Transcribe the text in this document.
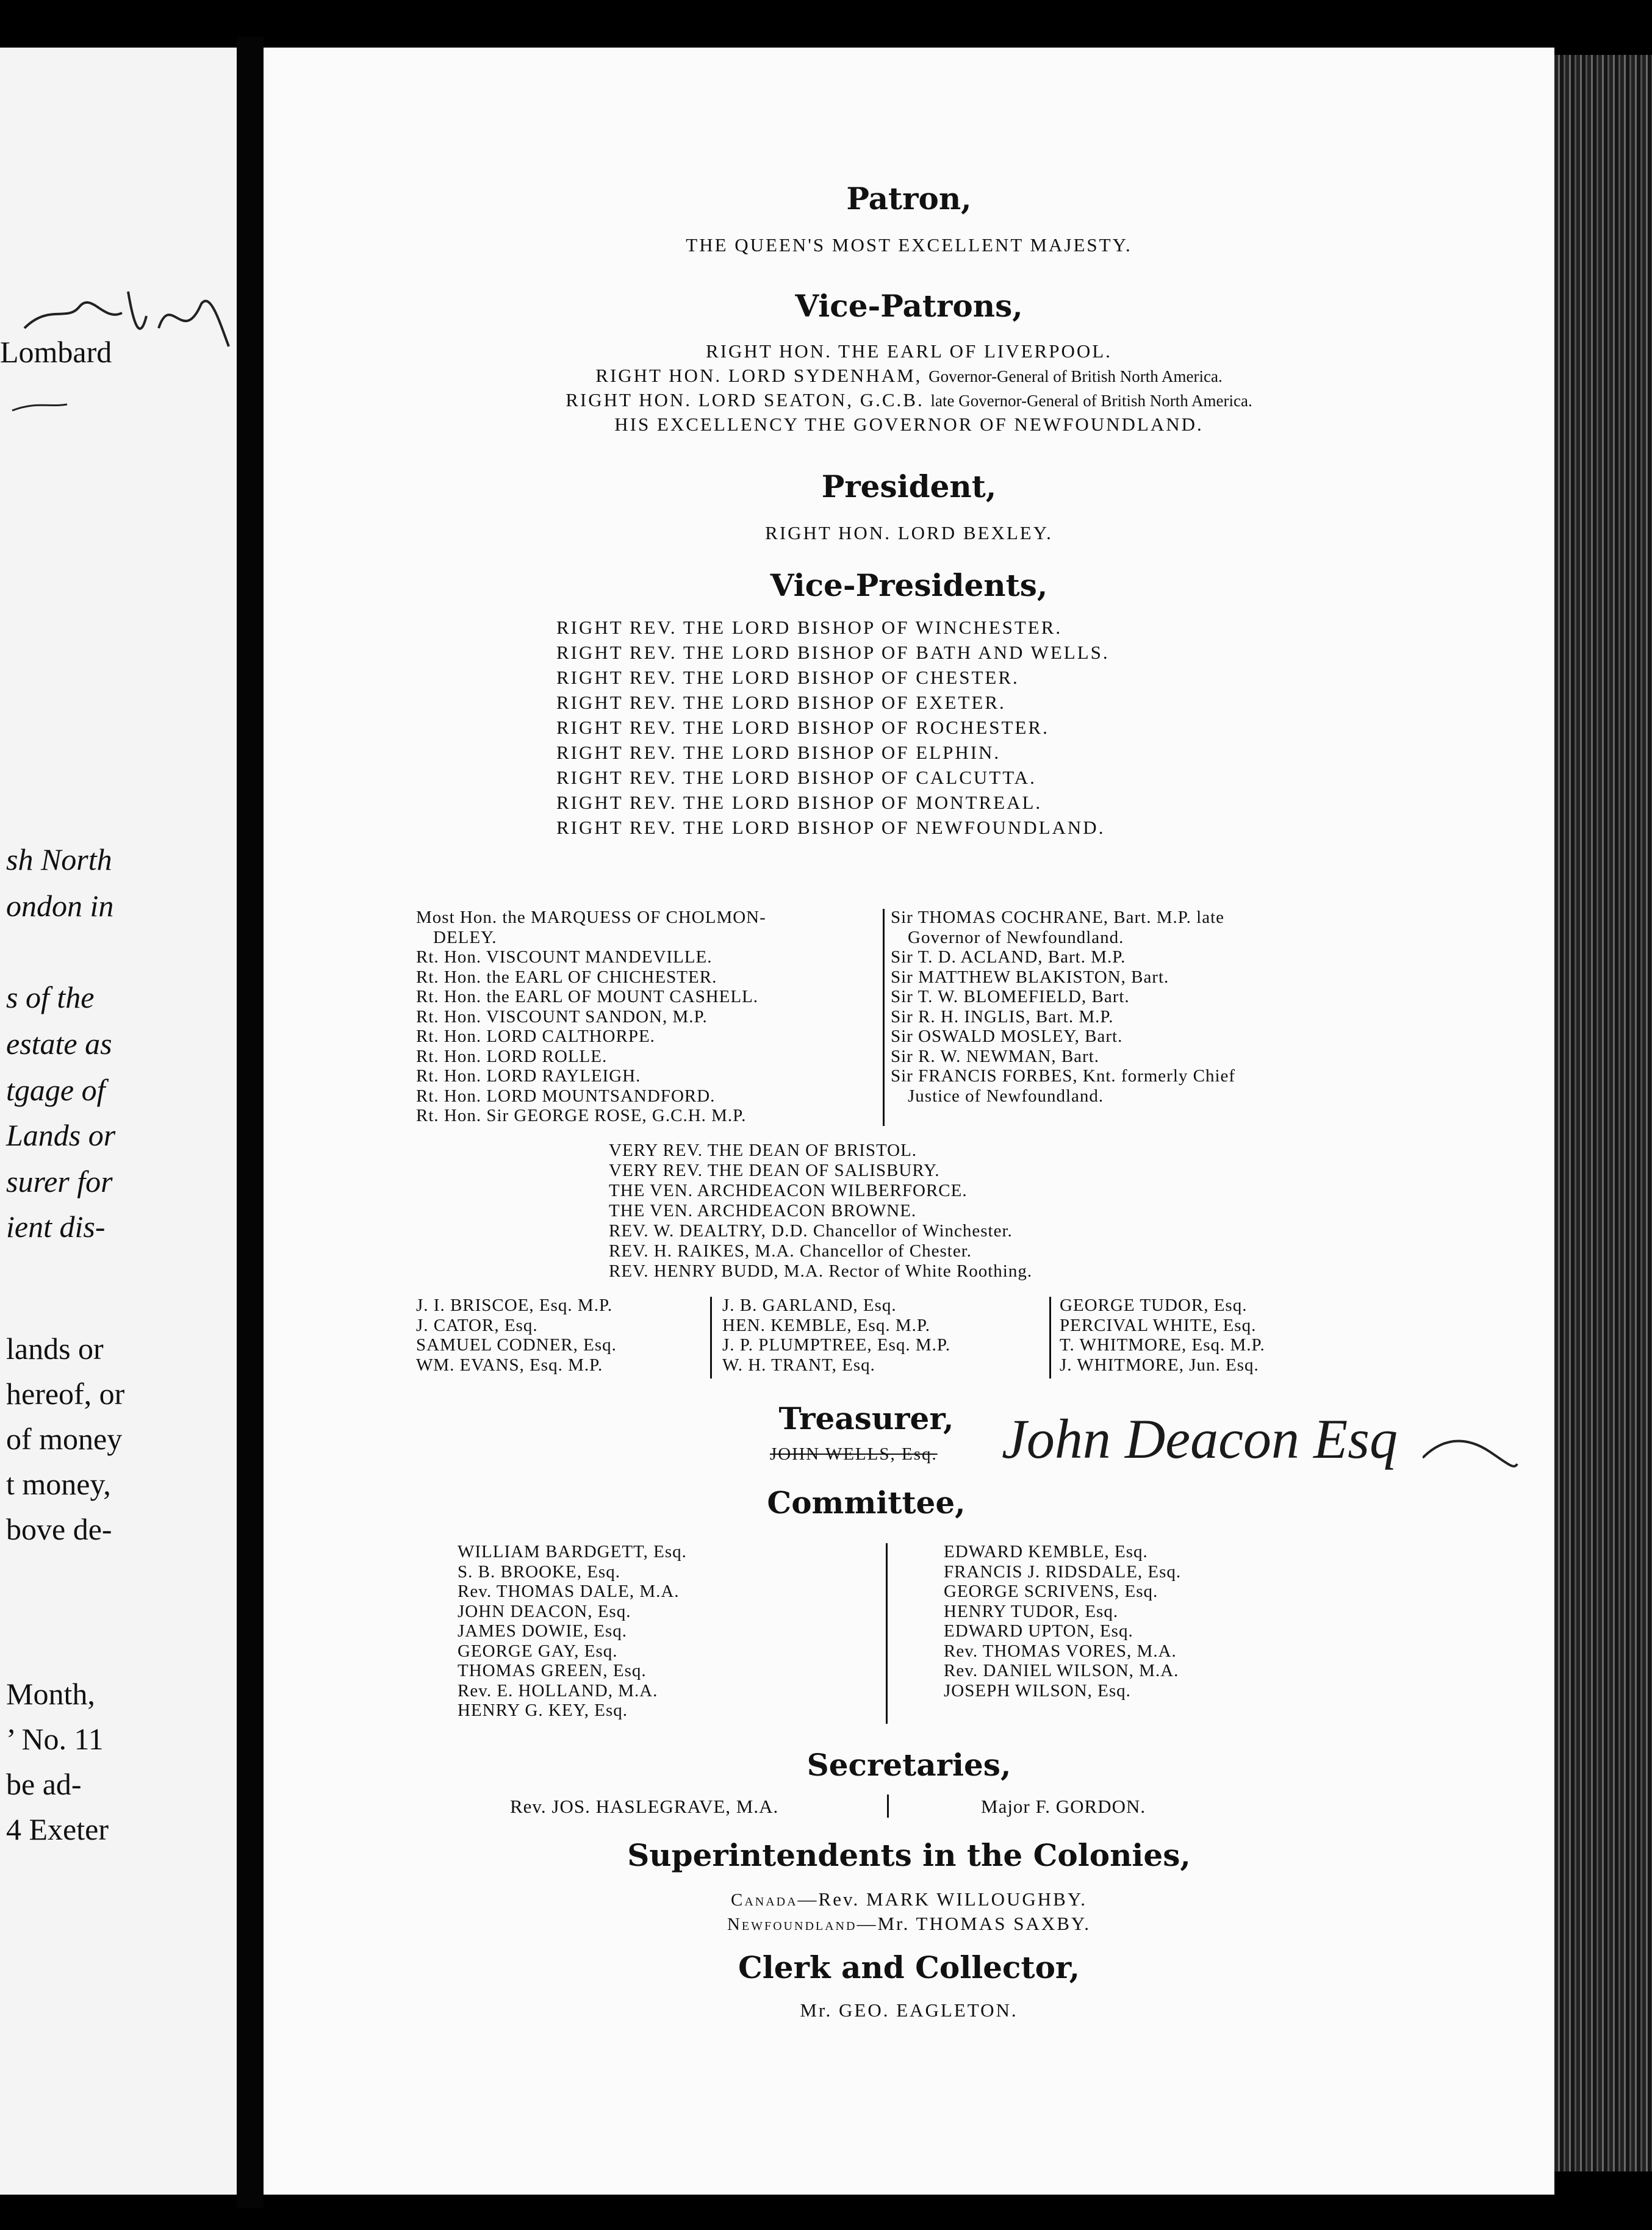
Lombard
sh North
ondon in
s of the
estate as
tgage of
Lands or
surer for
ient dis-
lands or
hereof, or
of money
t money,
bove de-
Month,
’ No. 11
be ad-
4 Exeter
Patron,
THE QUEEN'S MOST EXCELLENT MAJESTY.
Vice-Patrons,
RIGHT HON. THE EARL OF LIVERPOOL.
RIGHT HON. LORD SYDENHAM, Governor-General of British North America.
RIGHT HON. LORD SEATON, G.C.B. late Governor-General of British North America.
HIS EXCELLENCY THE GOVERNOR OF NEWFOUNDLAND.
President,
RIGHT HON. LORD BEXLEY.
Vice-Presidents,
RIGHT REV. THE LORD BISHOP OF WINCHESTER.
RIGHT REV. THE LORD BISHOP OF BATH AND WELLS.
RIGHT REV. THE LORD BISHOP OF CHESTER.
RIGHT REV. THE LORD BISHOP OF EXETER.
RIGHT REV. THE LORD BISHOP OF ROCHESTER.
RIGHT REV. THE LORD BISHOP OF ELPHIN.
RIGHT REV. THE LORD BISHOP OF CALCUTTA.
RIGHT REV. THE LORD BISHOP OF MONTREAL.
RIGHT REV. THE LORD BISHOP OF NEWFOUNDLAND.
Most Hon. the MARQUESS OF CHOLMON-
DELEY.
Rt. Hon. VISCOUNT MANDEVILLE.
Rt. Hon. the EARL OF CHICHESTER.
Rt. Hon. the EARL OF MOUNT CASHELL.
Rt. Hon. VISCOUNT SANDON, M.P.
Rt. Hon. LORD CALTHORPE.
Rt. Hon. LORD ROLLE.
Rt. Hon. LORD RAYLEIGH.
Rt. Hon. LORD MOUNTSANDFORD.
Rt. Hon. Sir GEORGE ROSE, G.C.H. M.P.
Sir THOMAS COCHRANE, Bart. M.P. late
Governor of Newfoundland.
Sir T. D. ACLAND, Bart. M.P.
Sir MATTHEW BLAKISTON, Bart.
Sir T. W. BLOMEFIELD, Bart.
Sir R. H. INGLIS, Bart. M.P.
Sir OSWALD MOSLEY, Bart.
Sir R. W. NEWMAN, Bart.
Sir FRANCIS FORBES, Knt. formerly Chief
Justice of Newfoundland.
VERY REV. THE DEAN OF BRISTOL.
VERY REV. THE DEAN OF SALISBURY.
THE VEN. ARCHDEACON WILBERFORCE.
THE VEN. ARCHDEACON BROWNE.
REV. W. DEALTRY, D.D. Chancellor of Winchester.
REV. H. RAIKES, M.A. Chancellor of Chester.
REV. HENRY BUDD, M.A. Rector of White Roothing.
J. I. BRISCOE, Esq. M.P.
J. CATOR, Esq.
SAMUEL CODNER, Esq.
WM. EVANS, Esq. M.P.
J. B. GARLAND, Esq.
HEN. KEMBLE, Esq. M.P.
J. P. PLUMPTREE, Esq. M.P.
W. H. TRANT, Esq.
GEORGE TUDOR, Esq.
PERCIVAL WHITE, Esq.
T. WHITMORE, Esq. M.P.
J. WHITMORE, Jun. Esq.
Treasurer,
JOHN WELLS, Esq. John Deacon Esq
Committee,
WILLIAM BARDGETT, Esq.
S. B. BROOKE, Esq.
Rev. THOMAS DALE, M.A.
JOHN DEACON, Esq.
JAMES DOWIE, Esq.
GEORGE GAY, Esq.
THOMAS GREEN, Esq.
Rev. E. HOLLAND, M.A.
HENRY G. KEY, Esq.
EDWARD KEMBLE, Esq.
FRANCIS J. RIDSDALE, Esq.
GEORGE SCRIVENS, Esq.
HENRY TUDOR, Esq.
EDWARD UPTON, Esq.
Rev. THOMAS VORES, M.A.
Rev. DANIEL WILSON, M.A.
JOSEPH WILSON, Esq.
Secretaries,
Rev. JOS. HASLEGRAVE, M.A.	Major F. GORDON.
Superintendents in the Colonies,
Canada—Rev. MARK WILLOUGHBY.
Newfoundland—Mr. THOMAS SAXBY.
Clerk and Collector,
Mr. GEO. EAGLETON.
